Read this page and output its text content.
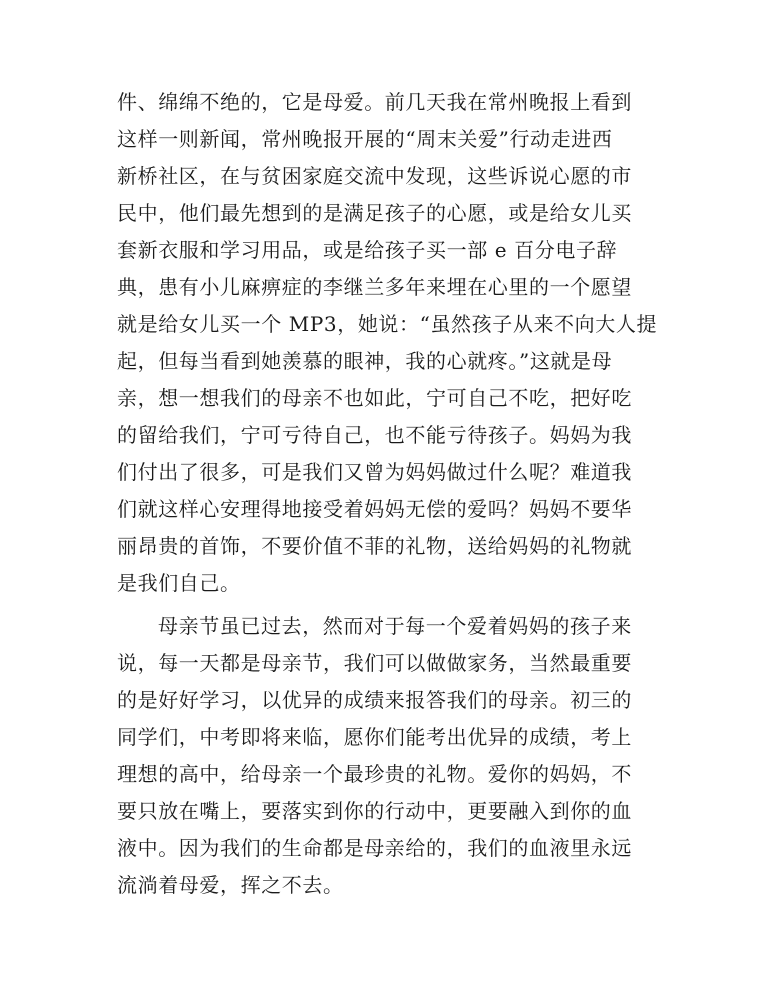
件、绵绵不绝的，它是母爱。前几天我在常州晚报上看到
这样一则新闻，常州晚报开展的“周末关爱”行动走进西
新桥社区，在与贫困家庭交流中发现，这些诉说心愿的市
民中，他们最先想到的是满足孩子的心愿，或是给女儿买
套新衣服和学习用品，或是给孩子买一部 e 百分电子辞
典，患有小儿麻痹症的李继兰多年来埋在心里的一个愿望
就是给女儿买一个 MP3，她说：“虽然孩子从来不向大人提
起，但每当看到她羡慕的眼神，我的心就疼。”这就是母
亲，想一想我们的母亲不也如此，宁可自己不吃，把好吃
的留给我们，宁可亏待自己，也不能亏待孩子。妈妈为我
们付出了很多，可是我们又曾为妈妈做过什么呢？难道我
们就这样心安理得地接受着妈妈无偿的爱吗？妈妈不要华
丽昂贵的首饰，不要价值不菲的礼物，送给妈妈的礼物就
是我们自己。
母亲节虽已过去，然而对于每一个爱着妈妈的孩子来
说，每一天都是母亲节，我们可以做做家务，当然最重要
的是好好学习，以优异的成绩来报答我们的母亲。初三的
同学们，中考即将来临，愿你们能考出优异的成绩，考上
理想的高中，给母亲一个最珍贵的礼物。爱你的妈妈，不
要只放在嘴上，要落实到你的行动中，更要融入到你的血
液中。因为我们的生命都是母亲给的，我们的血液里永远
流淌着母爱，挥之不去。
